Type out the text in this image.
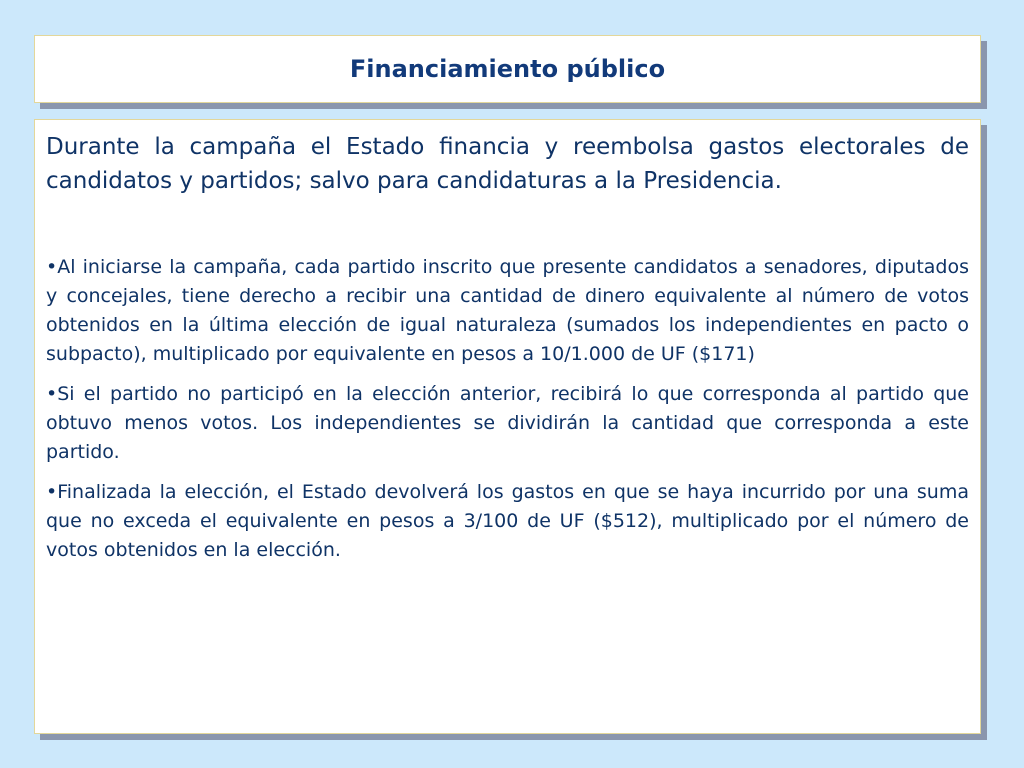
Financiamiento público

Durante la campaña el Estado financia y reembolsa gastos electorales de candidatos y partidos; salvo para candidaturas a la Presidencia.

•Al iniciarse la campaña, cada partido inscrito que presente candidatos a senadores, diputados y concejales, tiene derecho a recibir una cantidad de dinero equivalente al número de votos obtenidos en la última elección de igual naturaleza (sumados los independientes en pacto o subpacto), multiplicado por equivalente en pesos a 10/1.000 de UF ($171)

•Si el partido no participó en la elección anterior, recibirá lo que corresponda al partido que obtuvo menos votos. Los independientes se dividirán la cantidad que corresponda a este partido.

•Finalizada la elección, el Estado devolverá los gastos en que se haya incurrido por una suma que no exceda el equivalente en pesos a 3/100 de UF ($512), multiplicado por el número de votos obtenidos en la elección.
